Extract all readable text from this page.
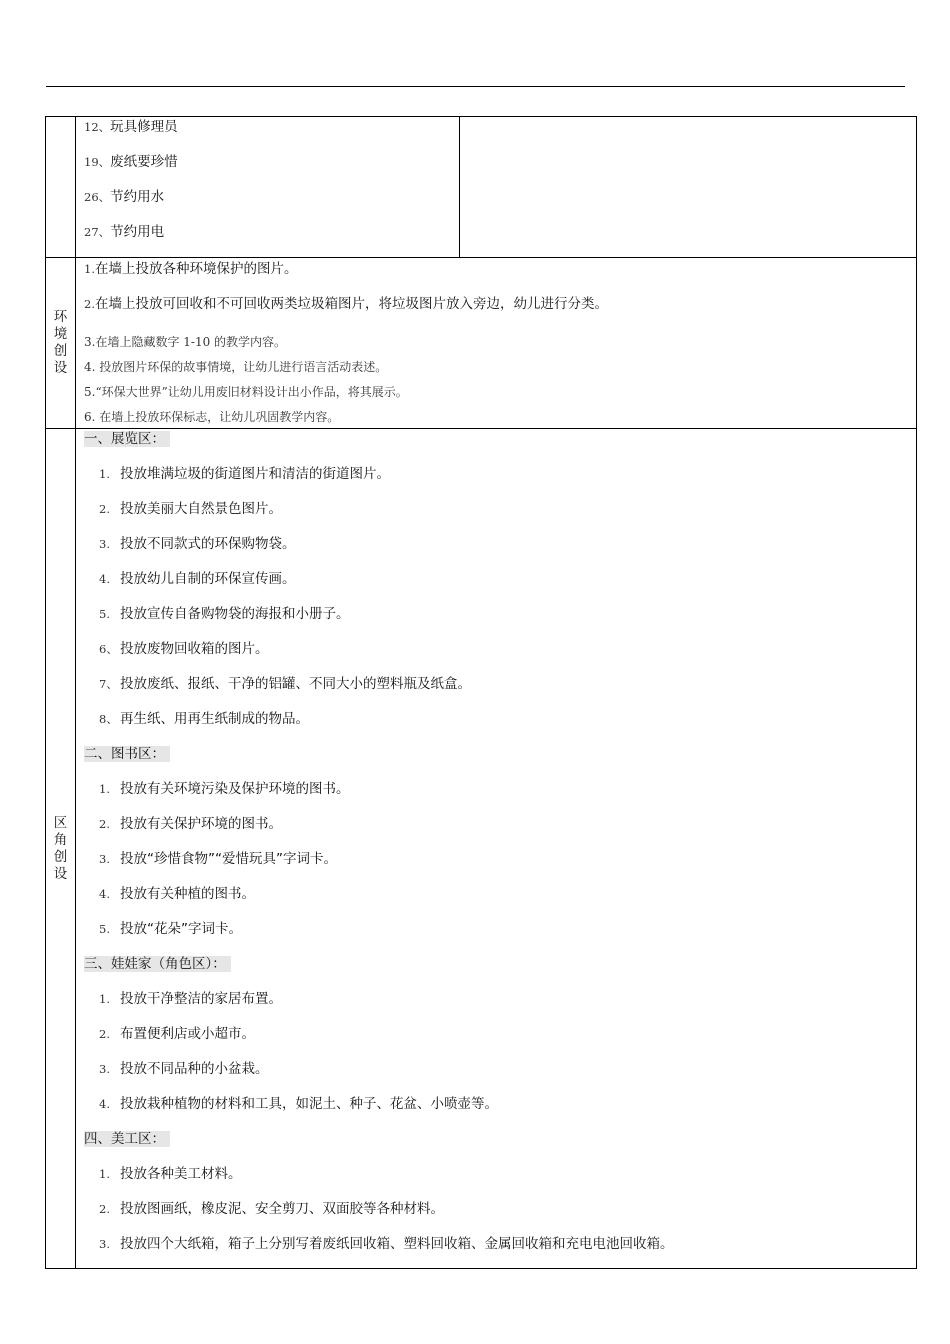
12、玩具修理员
19、废纸要珍惜
26、节约用水
27、节约用电
环境创设
1.在墙上投放各种环境保护的图片。
2.在墙上投放可回收和不可回收两类垃圾箱图片，将垃圾图片放入旁边，幼儿进行分类。
3.在墙上隐藏数字 1-10 的教学内容。
4. 投放图片环保的故事情境，让幼儿进行语言活动表述。
5.“环保大世界”让幼儿用废旧材料设计出小作品，将其展示。
6. 在墙上投放环保标志，让幼儿巩固教学内容。
区角创设
一、展览区：
1. 投放堆满垃圾的街道图片和清洁的街道图片。
2. 投放美丽大自然景色图片。
3. 投放不同款式的环保购物袋。
4. 投放幼儿自制的环保宣传画。
5. 投放宣传自备购物袋的海报和小册子。
6、 投放废物回收箱的图片。
7、 投放废纸、报纸、干净的铝罐、不同大小的塑料瓶及纸盒。
8、 再生纸、用再生纸制成的物品。
二、图书区：
1. 投放有关环境污染及保护环境的图书。
2. 投放有关保护环境的图书。
3. 投放“珍惜食物”“爱惜玩具”字词卡。
4. 投放有关种植的图书。
5. 投放“花朵”字词卡。
三、娃娃家（角色区）：
1. 投放干净整洁的家居布置。
2. 布置便利店或小超市。
3. 投放不同品种的小盆栽。
4. 投放栽种植物的材料和工具，如泥土、种子、花盆、小喷壶等。
四、美工区：
1. 投放各种美工材料。
2. 投放图画纸，橡皮泥、安全剪刀、双面胶等各种材料。
3. 投放四个大纸箱，箱子上分别写着废纸回收箱、塑料回收箱、金属回收箱和充电电池回收箱。
